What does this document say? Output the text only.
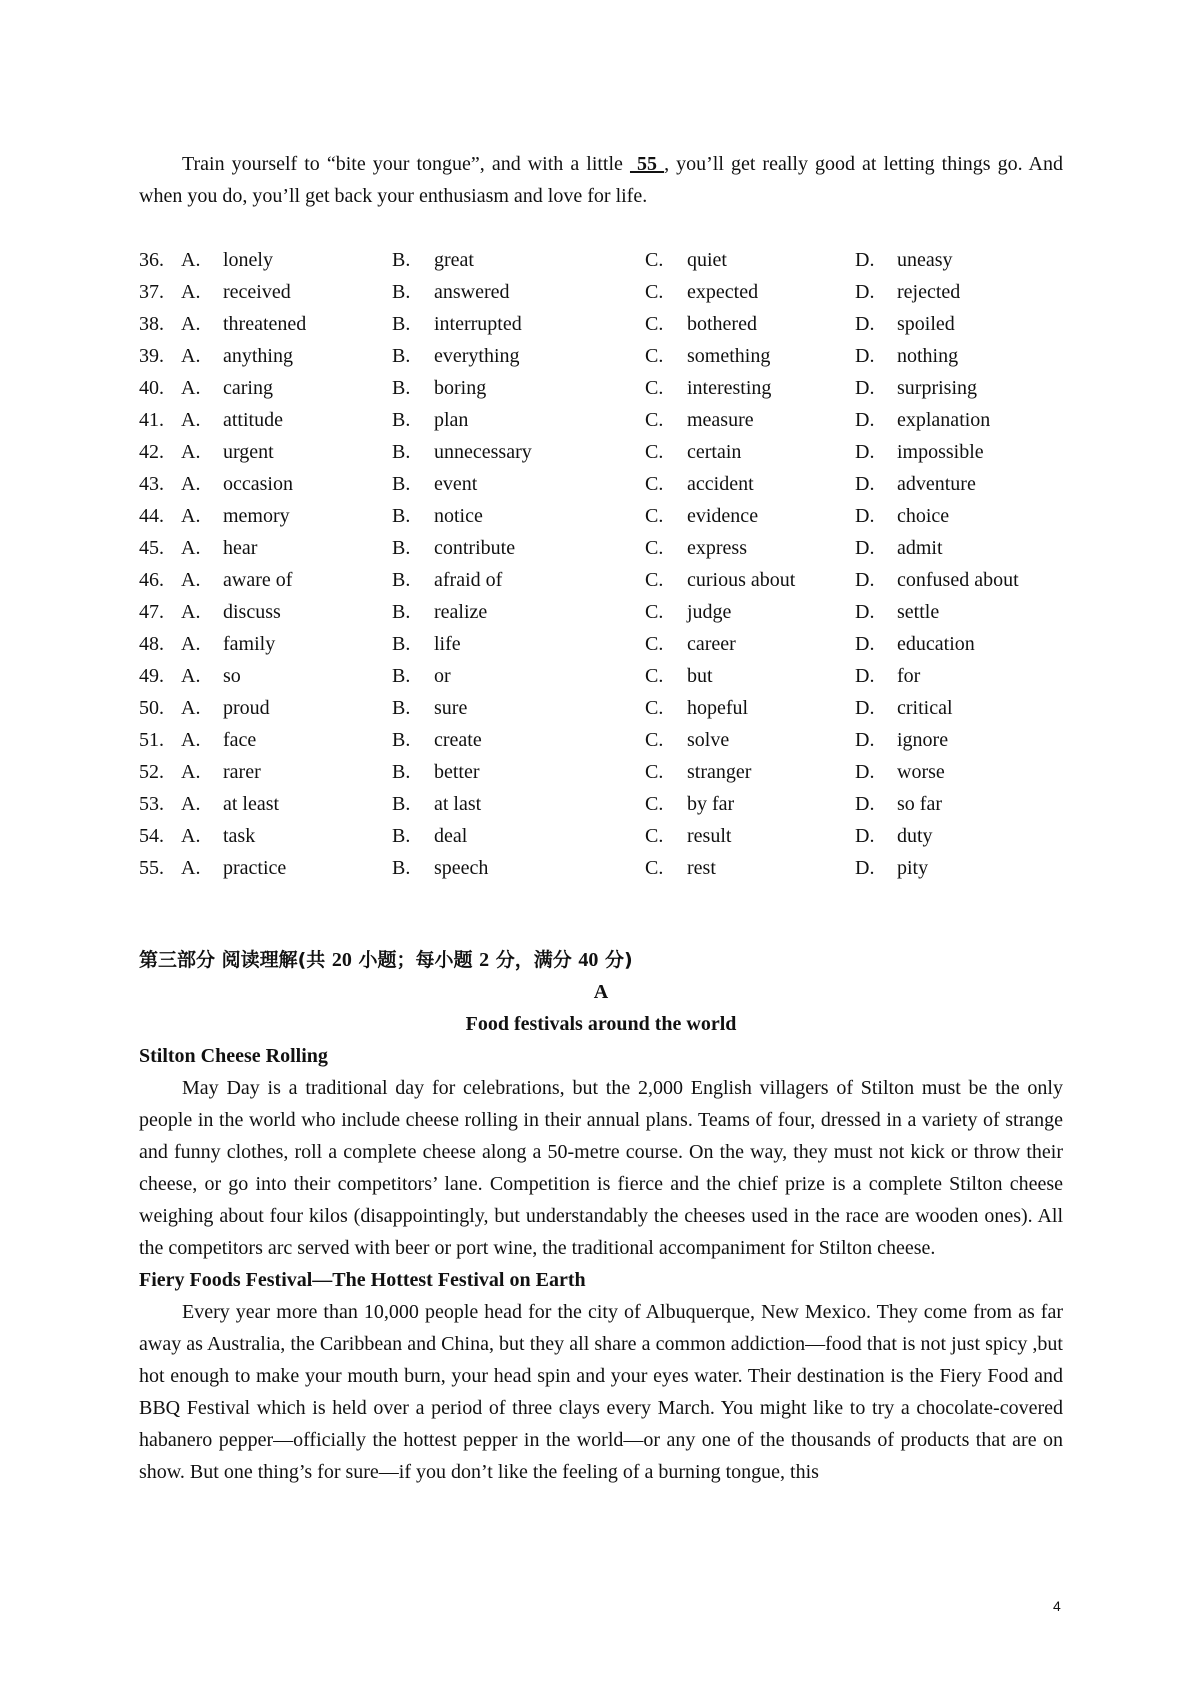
Train yourself to “bite your tongue”, and with a little  55 , you’ll get really good at letting things go. And when you do, you’ll get back your enthusiasm and love for life.

36. A.	lonely	B.	great	C.	quiet	D.	uneasy
37. A.	received	B.	answered	C.	expected	D.	rejected
38. A.	threatened	B.	interrupted	C.	bothered	D.	spoiled
39. A.	anything	B.	everything	C.	something	D.	nothing
40. A.	caring	B.	boring	C.	interesting	D.	surprising
41. A.	attitude	B.	plan	C.	measure	D.	explanation
42. A.	urgent	B.	unnecessary	C.	certain	D.	impossible
43. A.	occasion	B.	event	C.	accident	D.	adventure
44. A.	memory	B.	notice	C.	evidence	D.	choice
45. A.	hear	B.	contribute	C.	express	D.	admit
46. A.	aware of	B.	afraid of	C.	curious about	D.	confused about
47. A.	discuss	B.	realize	C.	judge	D.	settle
48. A.	family	B.	life	C.	career	D.	education
49. A.	so	B.	or	C.	but	D.	for
50. A.	proud	B.	sure	C.	hopeful	D.	critical
51. A.	face	B.	create	C.	solve	D.	ignore
52. A.	rarer	B.	better	C.	stranger	D.	worse
53. A.	at least	B.	at last	C.	by far	D.	so far
54. A.	task	B.	deal	C.	result	D.	duty
55. A.	practice	B.	speech	C.	rest	D.	pity
第三部分 阅读理解(共 20 小题；每小题 2 分，满分 40 分)
A
Food festivals around the world

Stilton Cheese Rolling

May Day is a traditional day for celebrations, but the 2,000 English villagers of Stilton must be the only people in the world who include cheese rolling in their annual plans. Teams of four, dressed in a variety of strange and funny clothes, roll a complete cheese along a 50-metre course. On the way, they must not kick or throw their cheese, or go into their competitors’ lane. Competition is fierce and the chief prize is a complete Stilton cheese weighing about four kilos (disappointingly, but understandably the cheeses used in the race are wooden ones). All the competitors arc served with beer or port wine, the traditional accompaniment for Stilton cheese.

Fiery Foods Festival—The Hottest Festival on Earth

Every year more than 10,000 people head for the city of Albuquerque, New Mexico. They come from as far away as Australia, the Caribbean and China, but they all share a common addiction—food that is not just spicy ,but hot enough to make your mouth burn, your head spin and your eyes water. Their destination is the Fiery Food and BBQ Festival which is held over a period of three clays every March. You might like to try a chocolate-covered habanero pepper—officially the hottest pepper in the world—or any one of the thousands of products that are on show. But one thing’s for sure—if you don’t like the feeling of a burning tongue, this

4
